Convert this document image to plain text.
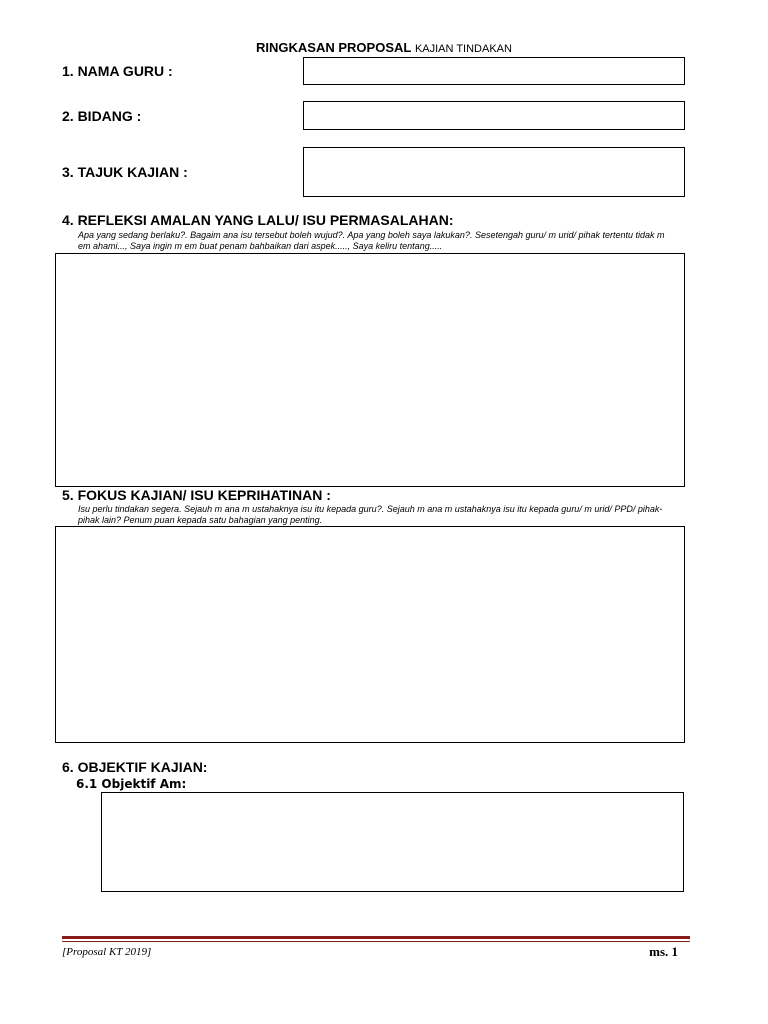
RINGKASAN PROPOSAL KAJIAN TINDAKAN
1. NAMA GURU :
2. BIDANG :
3. TAJUK KAJIAN :
4. REFLEKSI AMALAN YANG LALU/ ISU PERMASALAHAN:
Apa yang sedang berlaku?. Bagaim ana isu tersebut boleh wujud?. Apa yang boleh saya lakukan?. Sesetengah guru/ m urid/ pihak tertentu tidak m em ahami..., Saya ingin m em buat penam bahbaikan dari aspek....., Saya keliru tentang.....
5. FOKUS KAJIAN/ ISU KEPRIHATINAN :
Isu perlu tindakan segera. Sejauh m ana m ustahaknya isu itu kepada guru?. Sejauh m ana m ustahaknya isu itu kepada guru/ m urid/ PPD/ pihak-pihak lain? Penum puan kepada satu bahagian yang penting.
6. OBJEKTIF KAJIAN:
6.1 Objektif Am:
[Proposal KT 2019]	ms. 1
